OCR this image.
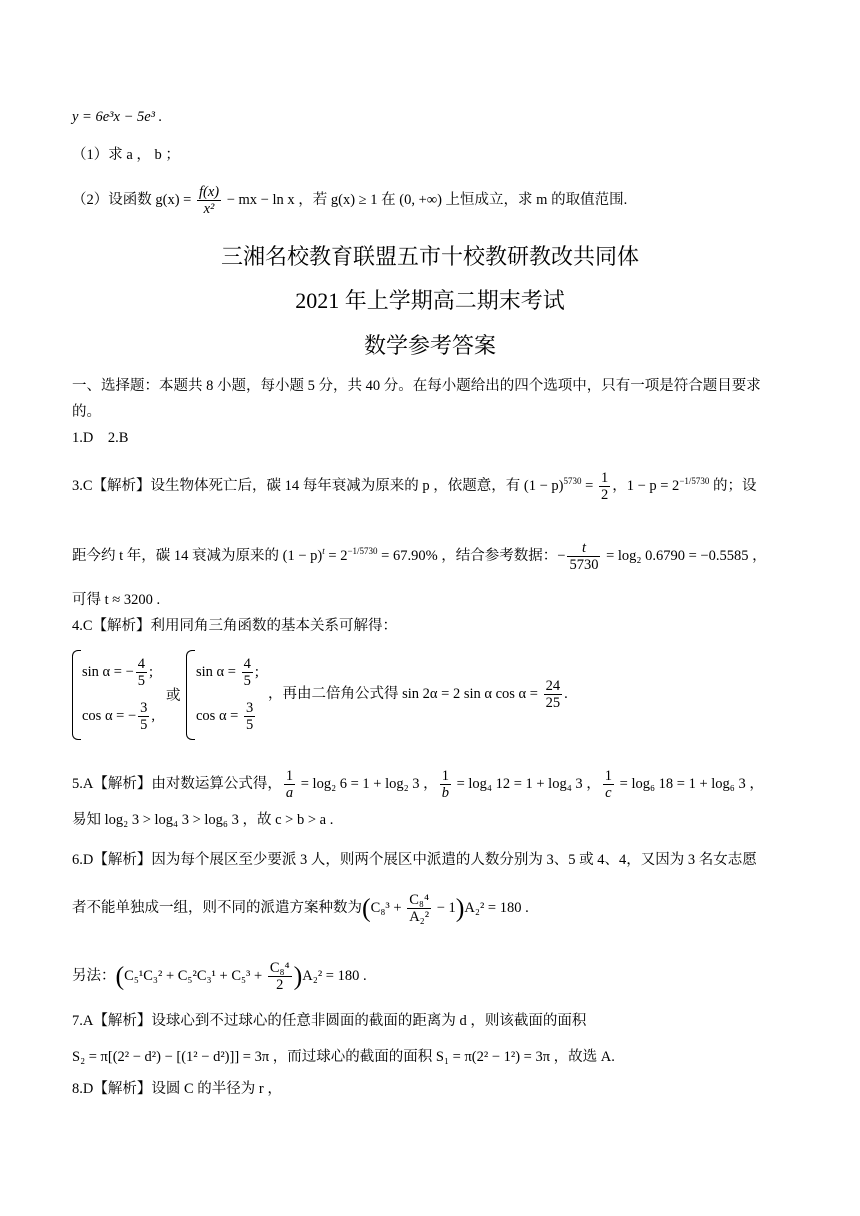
y = 6e³x − 5e³ .
（1）求 a ， b ；
（2）设函数 $g(x) = \frac{f(x)}{\text{x²}}$ − mx − ln x ，若 g(x) ≥ 1 在 (0, +∞) 上恒成立，求 m 的取值范围.
三湘名校教育联盟五市十校教研教改共同体
2021 年上学期高二期末考试
数学参考答案
一、选择题：本题共 8 小题，每小题 5 分，共 40 分。在每小题给出的四个选项中，只有一项是符合题目要求
的。
1.D　2.B
3.C【解析】设生物体死亡后，碳 14 每年衰减为原来的 p ，依题意，有 $(1 - p)^{5730} = \frac{1}{2}$ ，$1 - p = 2^{-1/5730}$ 的；设
距今约 t 年，碳 14 衰减为原来的 $(1 - p)^t = 2^{-1/5730} = 67.90\%$ ，结合参考数据：− $\frac{t}{5730} = \log_2$ 0.6790 = −0.5585 ，
可得 t ≈ 3200 .
4.C【解析】利用同角三角函数的基本关系可解得：
sin α = − $\frac{4}{5}$ ;
cos α = − $\frac{3}{5}$ ,
或
$\sin \alpha = \frac{4}{5}$ ;
$\cos \alpha = \frac{3}{5}$
，再由二倍角公式得 sin 2α = 2 sin α $\cos \alpha = \frac{24}{25}$ .
5.A【解析】由对数运算公式得， $\frac{1}{a} = \log_2$ 6 = 1 + log₂ 3 ， $\frac{1}{b} = \log_4$ 12 = 1 + log₄ 3 ， $\frac{1}{c} = \log_6$ 18 = 1 + log₆ 3 ，
易知 log₂ 3 > log₄ 3 > log₆ 3 ，故 c > b > a .
6.D【解析】因为每个展区至少要派 3 人，则两个展区中派遣的人数分别为 3、5 或 4、4，又因为 3 名女志愿
者不能单独成一组，则不同的派遣方案种数为$(C_8^3 + \frac{\text{C₈⁴}}{\text{A₂²}} - 1)A_2^2 = 180$ .
另法：$(C_5^1C_3^2 + C_5^2C_3^1 + C_5^3 + \frac{\text{C₈⁴}}{2} )A_2^2 = 180$ .
7.A【解析】设球心到不过球心的任意非圆面的截面的距离为 d ，则该截面的面积
S₂ = π[(2² − d²) − [(1² − d²)]] = 3π ，而过球心的截面的面积 S₁ = π(2² − 1²) = 3π ，故选 A.
8.D【解析】设圆 C 的半径为 r ，
